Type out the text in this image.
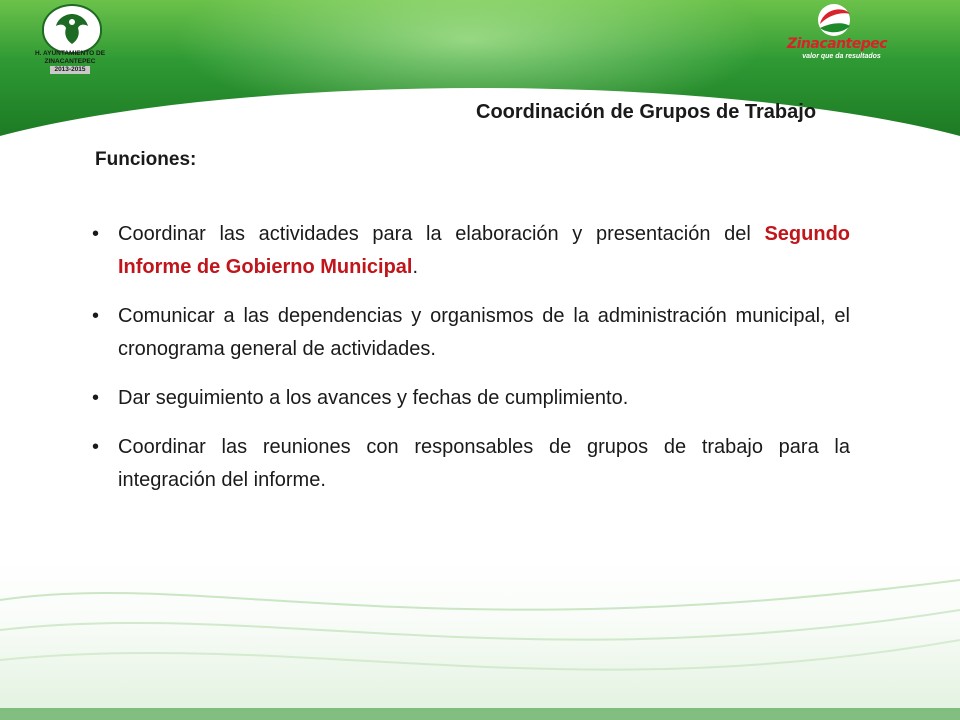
H. AYUNTAMIENTO DE
ZINACANTEPEC
2013-2015
Zinacantepec
valor que da resultados
Coordinación de Grupos de Trabajo
Funciones:
• Coordinar las actividades para la elaboración y presentación del Segundo Informe de Gobierno Municipal.
• Comunicar a las dependencias y organismos de la administración municipal, el cronograma general de actividades.
• Dar seguimiento a los avances y fechas de cumplimiento.
• Coordinar las reuniones con responsables de grupos de trabajo para la integración del informe.
